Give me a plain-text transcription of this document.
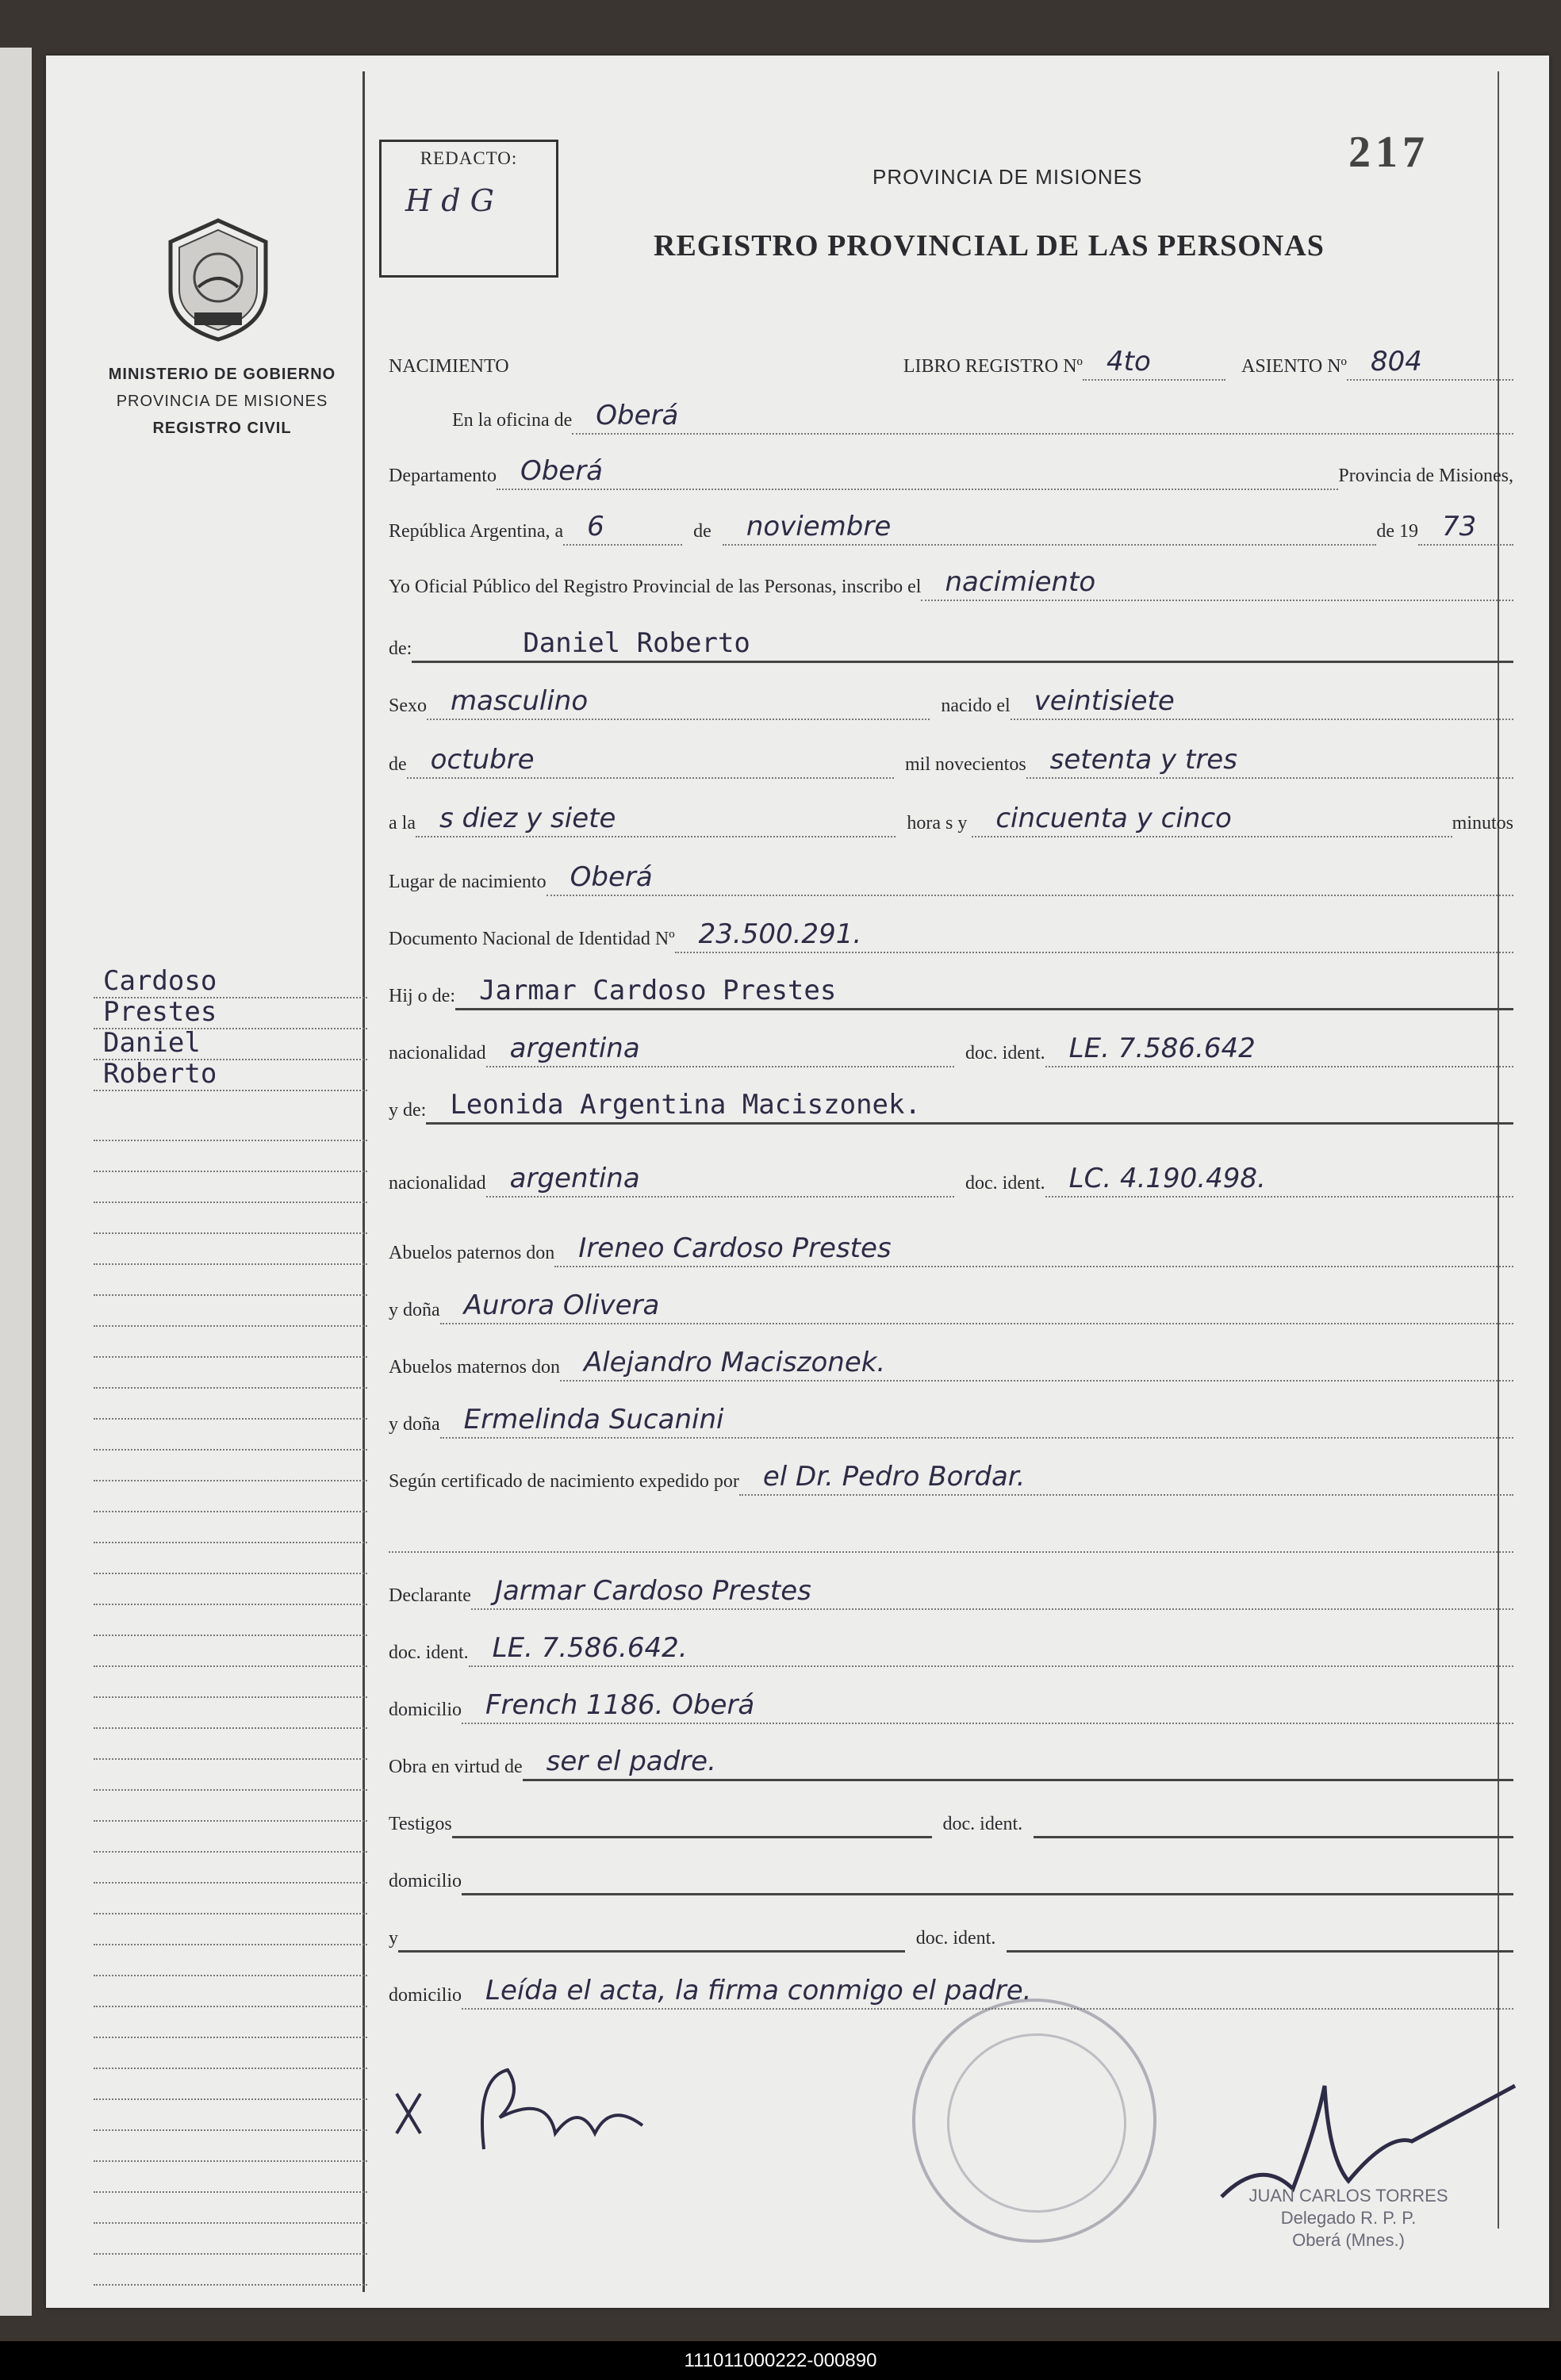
REDACTO:
H d G
PROVINCIA DE MISIONES
REGISTRO PROVINCIAL DE LAS PERSONAS
217
MINISTERIO DE GOBIERNO
PROVINCIA DE MISIONES
REGISTRO CIVIL
NACIMIENTO	LIBRO REGISTRO Nº 4to	ASIENTO Nº 804
En la oficina de Oberá
Departamento Oberá	Provincia de Misiones,
República Argentina, a 6	de	noviembre	de 19 73
Yo Oficial Público del Registro Provincial de las Personas, inscribo el nacimiento
de:	Daniel Roberto
Sexo masculino	nacido el veintisiete
de octubre	mil novecientos setenta y tres
a la s diez y siete	hora s y	cincuenta y cinco	minutos
Lugar de nacimiento Oberá
Documento Nacional de Identidad Nº 23.500.291.
Hij o de: Jarmar Cardoso Prestes
nacionalidad argentina	doc. ident. LE. 7.586.642
y de: Leonida Argentina Maciszonek.
nacionalidad argentina	doc. ident. LC. 4.190.498.
Abuelos paternos don Ireneo Cardoso Prestes
y doña Aurora Olivera
Abuelos maternos don Alejandro Maciszonek.
y doña Ermelinda Sucanini
Según certificado de nacimiento expedido por el Dr. Pedro Bordar.
Declarante Jarmar Cardoso Prestes
doc. ident. LE. 7.586.642.
domicilio French 1186. Oberá
Obra en virtud de ser el padre.
Testigos	doc. ident.
domicilio
y	doc. ident.
domicilio Leída el acta, la firma conmigo el padre.
Cardoso
Prestes
Daniel
Roberto
JUAN CARLOS TORRES
Delegado R. P. P.
Oberá (Mnes.)
111011000222-000890
